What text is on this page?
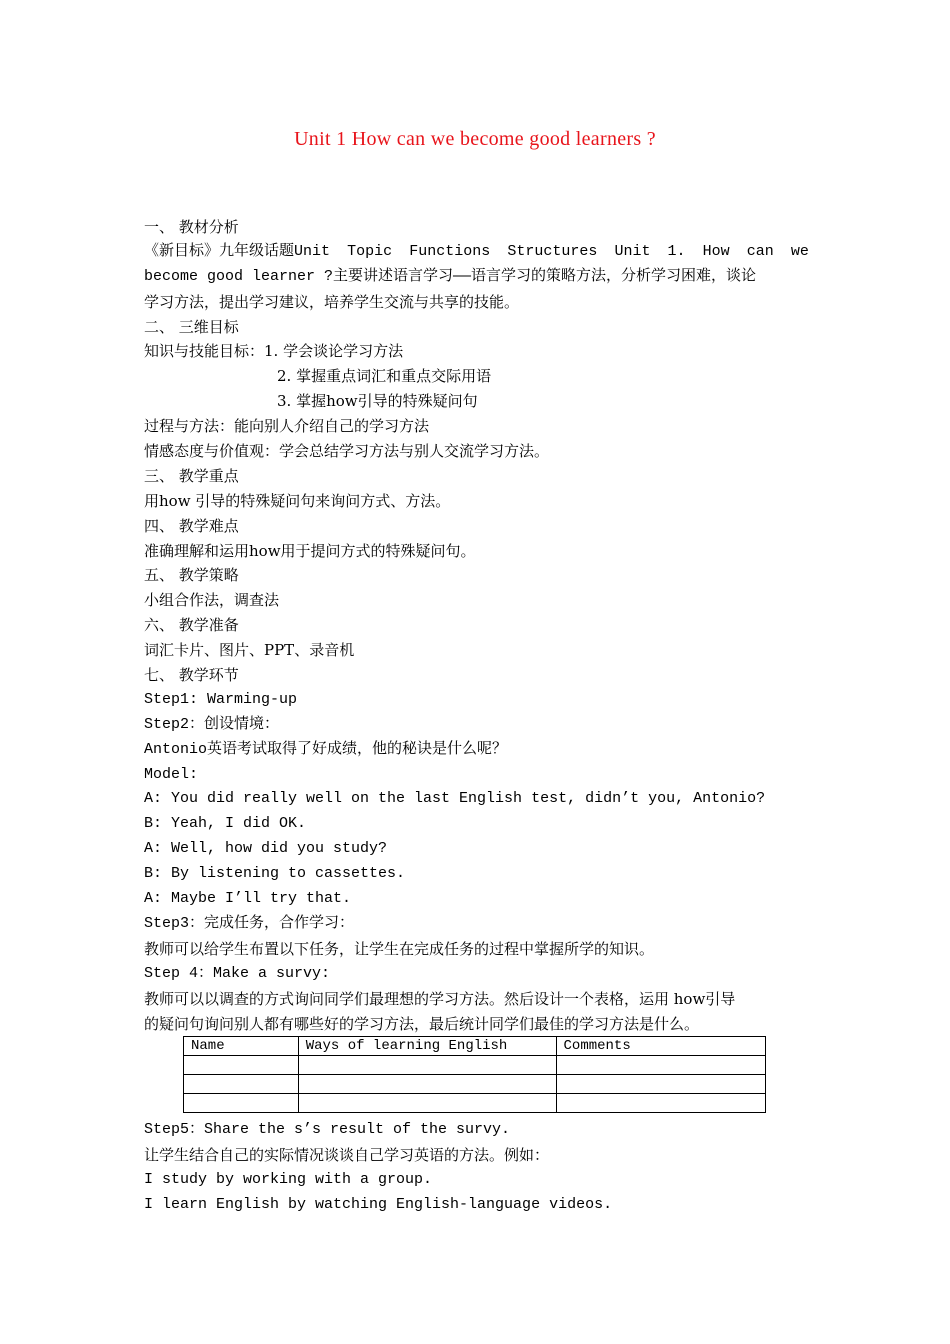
Unit 1 How can we become good learners ?
一、 教材分析
《新目标》九年级话题Unit Topic Functions Structures Unit 1. How can we
become good learner ?主要讲述语言学习——语言学习的策略方法，分析学习困难，谈论
学习方法，提出学习建议，培养学生交流与共享的技能。
二、 三维目标
知识与技能目标：1. 学会谈论学习方法
2. 掌握重点词汇和重点交际用语
3. 掌握how引导的特殊疑问句
过程与方法：能向别人介绍自己的学习方法
情感态度与价值观：学会总结学习方法与别人交流学习方法。
三、 教学重点
用how 引导的特殊疑问句来询问方式、方法。
四、 教学难点
准确理解和运用how用于提问方式的特殊疑问句。
五、 教学策略
小组合作法，调查法
六、 教学准备
词汇卡片、图片、PPT、录音机
七、 教学环节
Step1: Warming-up
Step2：创设情境：
Antonio英语考试取得了好成绩，他的秘诀是什么呢？
Model:
A: You did really well on the last English test, didn’t you, Antonio?
B: Yeah, I did OK.
A: Well, how did you study?
B: By listening to cassettes.
A: Maybe I’ll try that.
Step3：完成任务，合作学习：
教师可以给学生布置以下任务，让学生在完成任务的过程中掌握所学的知识。
Step 4：Make a survy:
教师可以以调查的方式询问同学们最理想的学习方法。然后设计一个表格，运用 how引导
的疑问句询问别人都有哪些好的学习方法，最后统计同学们最佳的学习方法是什么。
Name	Ways of learning English	Comments

Step5：Share the s’s result of the survy.
让学生结合自己的实际情况谈谈自己学习英语的方法。例如：
I study by working with a group.
I learn English by watching English-language videos.
